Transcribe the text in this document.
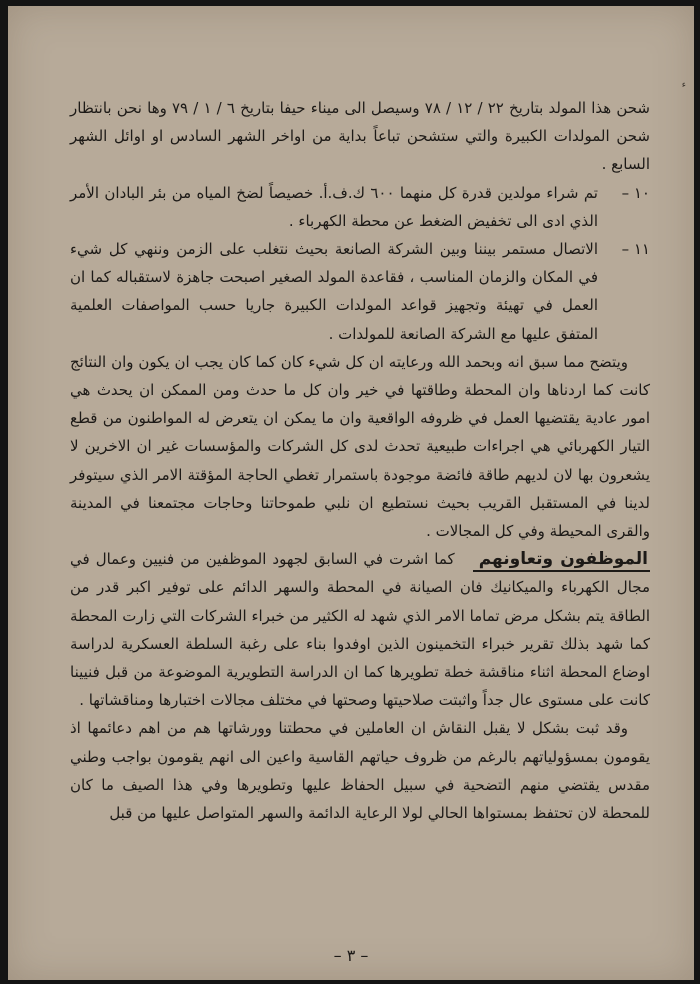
ء

شحن هذا المولد بتاريخ ٢٢ / ١٢ / ٧٨ وسيصل الى ميناء حيفا بتاريخ ٦ / ١ / ٧٩ وها نحن بانتظار شحن المولدات الكبيرة والتي ستشحن تباعاً بداية من اواخر الشهر السادس او اوائل الشهر السابع .

١٠ –
تم شراء مولدين قدرة كل منهما ٦٠٠ ك.ف.أ. خصيصاً لضخ المياه من بئر البادان الأمر الذي ادى الى تخفيض الضغط عن محطة الكهرباء .

١١ –
الاتصال مستمر بيننا وبين الشركة الصانعة بحيث نتغلب على الزمن وننهي كل شيء في المكان والزمان المناسب ، فقاعدة المولد الصغير اصبحت جاهزة لاستقباله كما ان العمل في تهيئة وتجهيز قواعد المولدات الكبيرة جاريا حسب المواصفات العلمية المتفق عليها مع الشركة الصانعة للمولدات .

ويتضح مما سبق انه وبحمد الله ورعايته ان كل شيء كان كما كان يجب ان يكون وان النتائج كانت كما اردناها وان المحطة وطاقتها في خير وان كل ما حدث ومن الممكن ان يحدث هي امور عادية يقتضيها العمل في ظروفه الواقعية وان ما يمكن ان يتعرض له المواطنون من قطع التيار الكهربائي هي اجراءات طبيعية تحدث لدى كل الشركات والمؤسسات غير ان الاخرين لا يشعرون بها لان لديهم طاقة فائضة موجودة باستمرار تغطي الحاجة المؤقتة الامر الذي سيتوفر لدينا في المستقبل القريب بحيث نستطيع ان نلبي طموحاتنا وحاجات مجتمعنا في المدينة والقرى المحيطة وفي كل المجالات .

الموظفون وتعاونهم كما اشرت في السابق لجهود الموظفين من فنيين وعمال في مجال الكهرباء والميكانيك فان الصيانة في المحطة والسهر الدائم على توفير اكبر قدر من الطاقة يتم بشكل مرض تماما الامر الذي شهد له الكثير من خبراء الشركات التي زارت المحطة كما شهد بذلك تقرير خبراء التخمينون الذين اوفدوا بناء على رغبة السلطة العسكرية لدراسة اوضاع المحطة اثناء مناقشة خطة تطويرها كما ان الدراسة التطويرية الموضوعة من قبل فنيينا كانت على مستوى عال جداً واثبتت صلاحيتها وصحتها في مختلف مجالات اختبارها ومناقشاتها .

وقد ثبت بشكل لا يقبل النقاش ان العاملين في محطتنا وورشاتها هم من اهم دعائمها اذ يقومون بمسؤولياتهم بالرغم من ظروف حياتهم القاسية واعين الى انهم يقومون بواجب وطني مقدس يقتضي منهم التضحية في سبيل الحفاظ عليها وتطويرها وفي هذا الصيف ما كان للمحطة لان تحتفظ بمستواها الحالي لولا الرعاية الدائمة والسهر المتواصل عليها من قبل

– ٣ –
